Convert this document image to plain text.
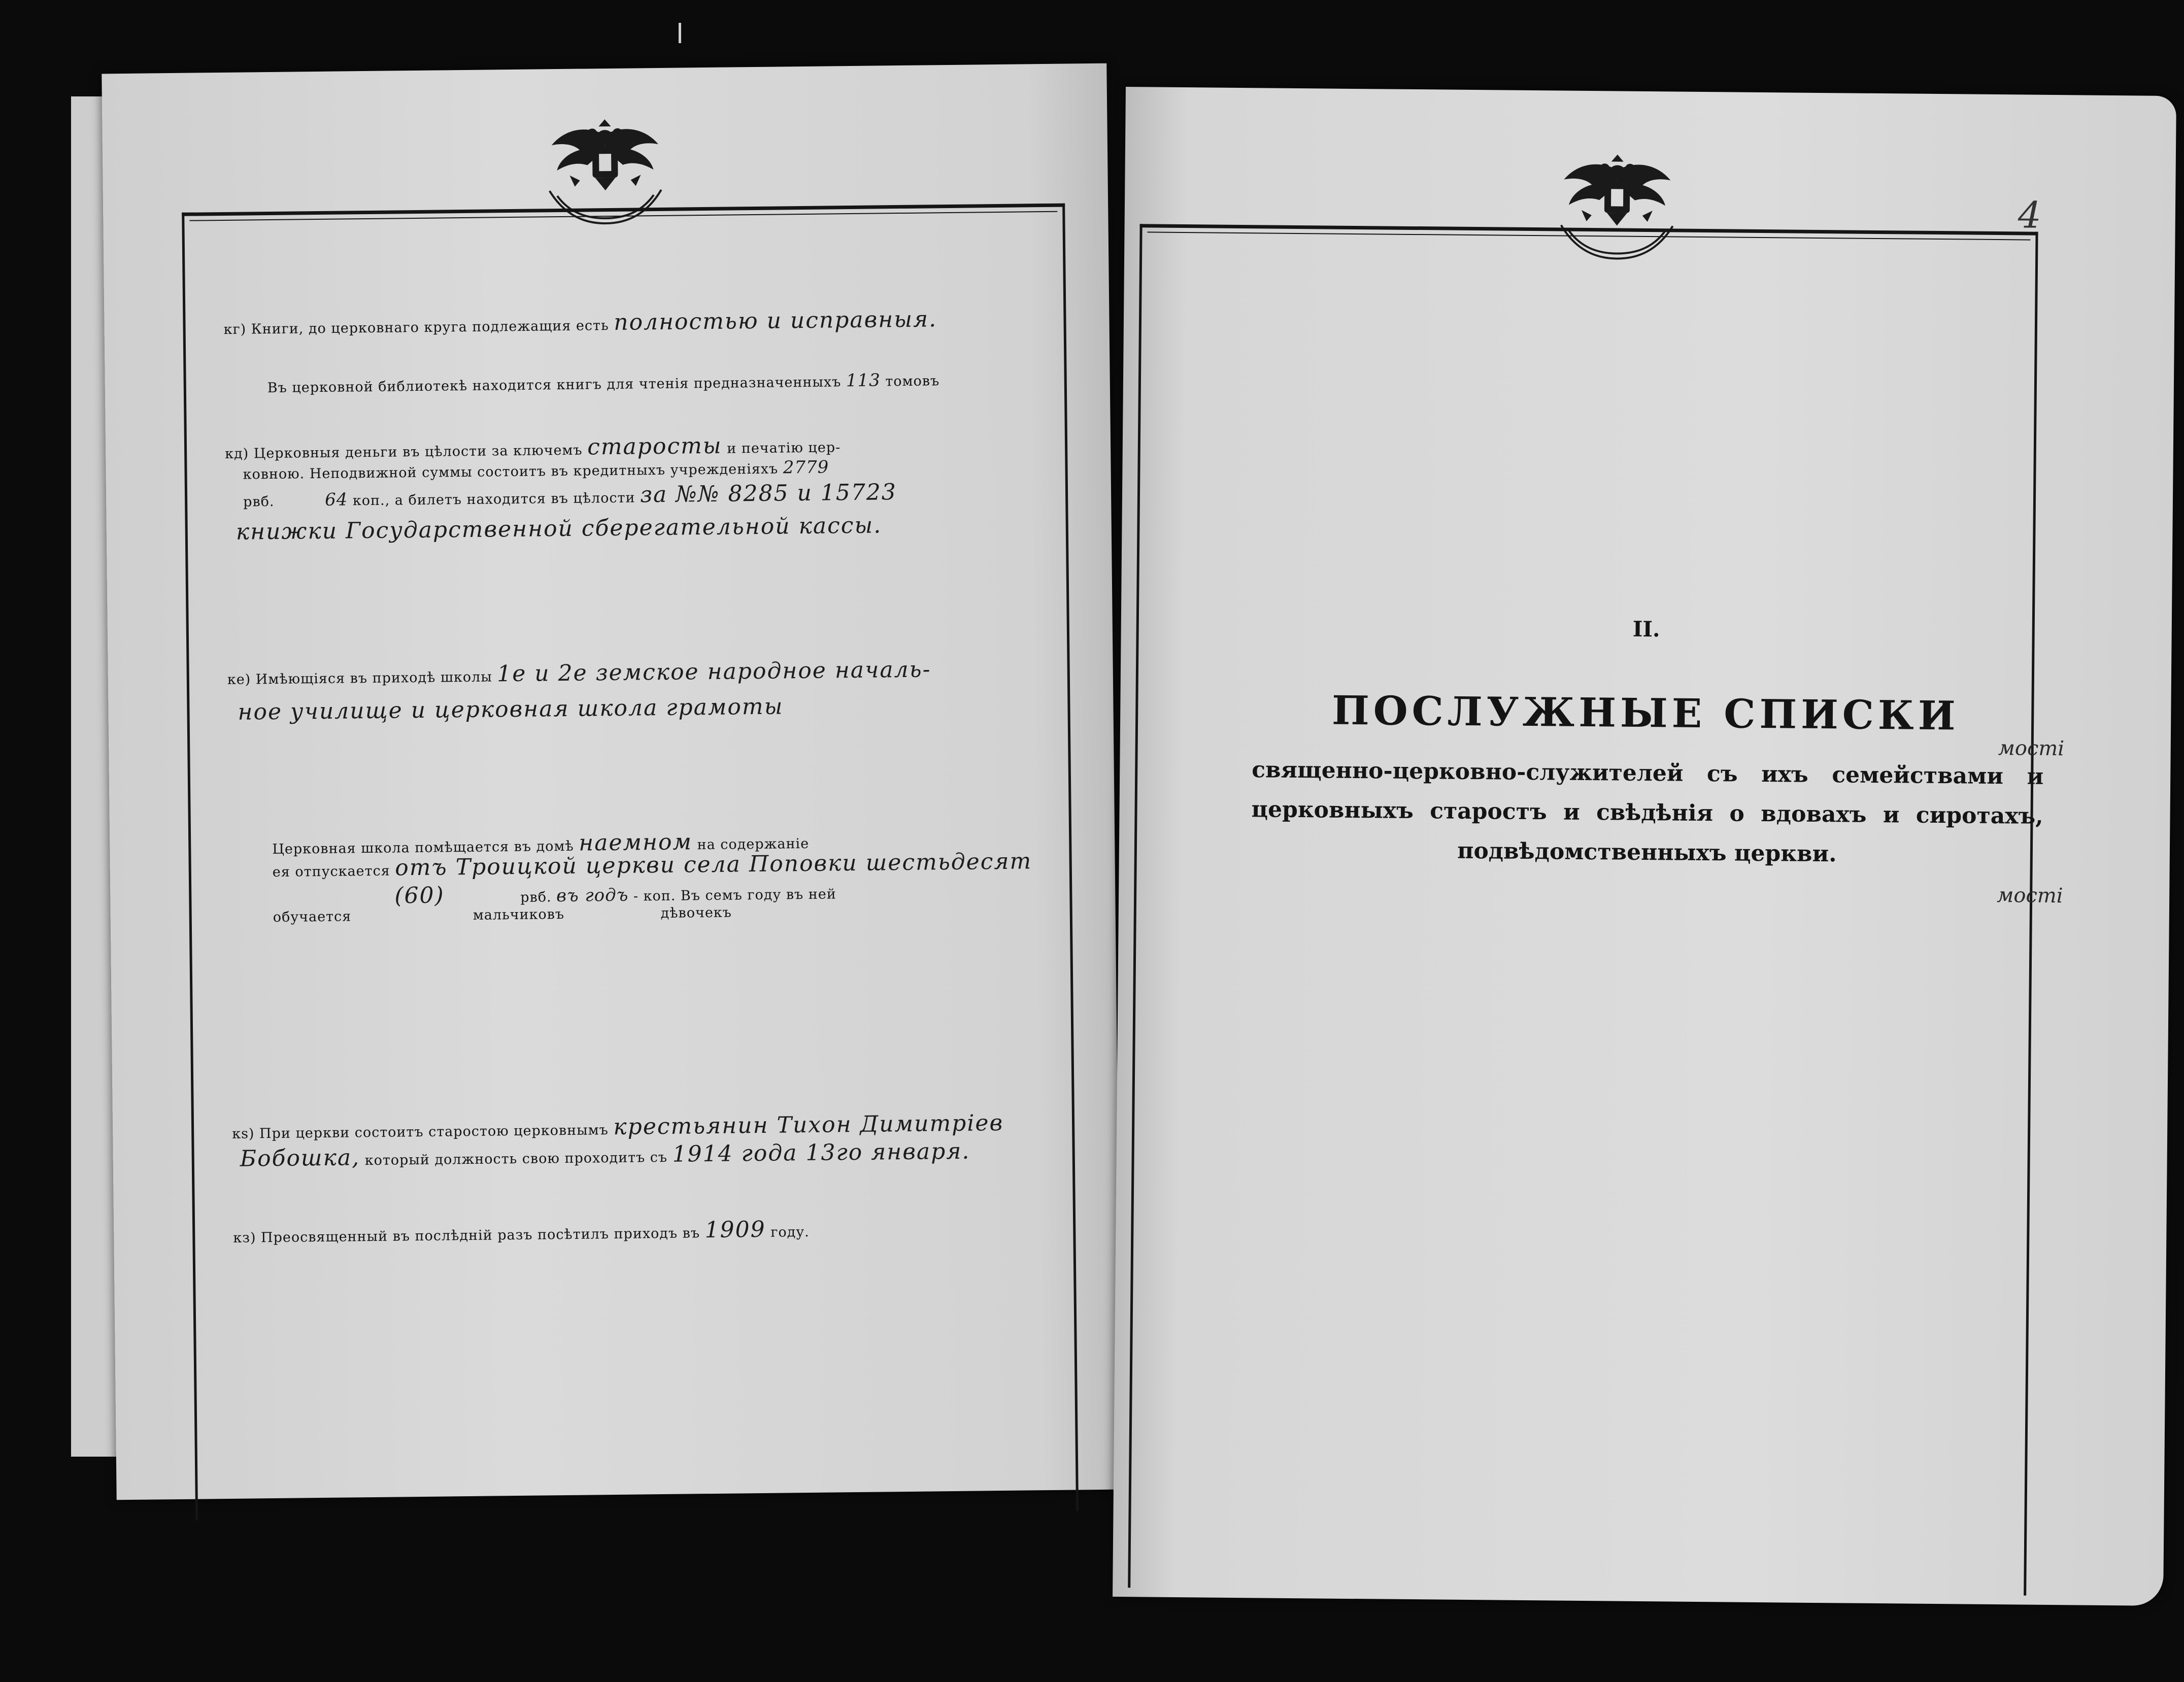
кг) Книги, до церковнаго круга подлежащия есть полностью и исправныя.
Въ церковной библиотекѣ находится книгъ для чтенія предназначенныхъ 113 томовъ
кд) Церковныя деньги въ цѣлости за ключемъ старосты и печатію цер-
ковною. Неподвижной суммы состоитъ въ кредитныхъ учрежденіяхъ 2779
рвб.	64 коп., а билетъ находится въ цѣлости за №№ 8285 и 15723
книжки Государственной сберегательной кассы.
ке) Имѣющіяся въ приходѣ школы 1е и 2е земское народное началь-
ное училище и церковная школа грамоты
Церковная школа помѣщается въ домѣ наемном на содержаніе
ея отпускается отъ Троицкой церкви села Поповки шестьдесят
(60)	рвб. въ годъ - коп. Въ семъ году въ ней
обучается	мальчиковъ	дѣвочекъ
кѕ) При церкви состоитъ старостою церковнымъ крестьянин Тихон Димитріев
Бобошка, который должность свою проходитъ съ 1914 года 13го января.
кз) Преосвященный въ послѣдній разъ посѣтилъ приходъ въ 1909 году.
4
II.
ПОСЛУЖНЫЕ СПИСКИ
священно-церковно-служителей съ ихъ семействами и церковныхъ старостъ и свѣдѣнія о вдовахъ и сиротахъ, подвѣдомственныхъ церкви.
мості
мості
